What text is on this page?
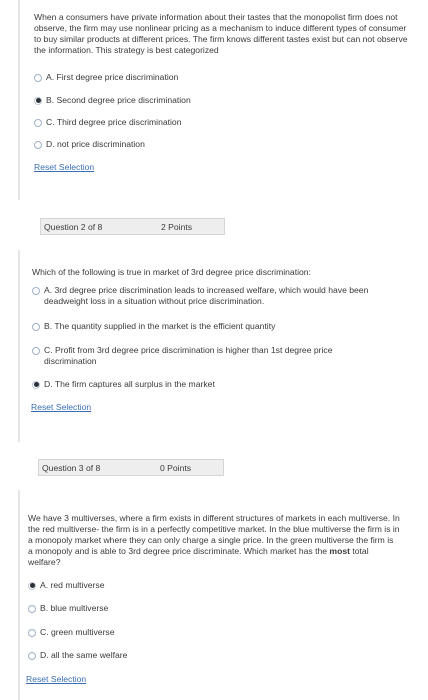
When a consumers have private information about their tastes that the monopolist firm does not observe, the firm may use nonlinear pricing as a mechanism to induce different types of consumer to buy similar products at different prices. The firm knows different tastes exist but can not observe the information. This strategy is best categorized
A. First degree price discrimination
B. Second degree price discrimination
C. Third degree price discrimination
D. not price discrimination
Reset Selection
Question 2 of 8	2 Points
Which of the following is true in market of 3rd degree price discrimination:
A. 3rd degree price discrimination leads to increased welfare, which would have been deadweight loss in a situation without price discrimination.
B. The quantity supplied in the market is the efficient quantity
C. Profit from 3rd degree price discrimination is higher than 1st degree price discrimination
D. The firm captures all surplus in the market
Reset Selection
Question 3 of 8	0 Points
We have 3 multiverses, where a firm exists in different structures of markets in each multiverse. In the red multiverse- the firm is in a perfectly competitive market. In the blue multiverse the firm is in a monopoly market where they can only charge a single price. In the green multiverse the firm is a monopoly and is able to 3rd degree price discriminate. Which market has the most total welfare?
A. red multiverse
B. blue multiverse
C. green multiverse
D. all the same welfare
Reset Selection
